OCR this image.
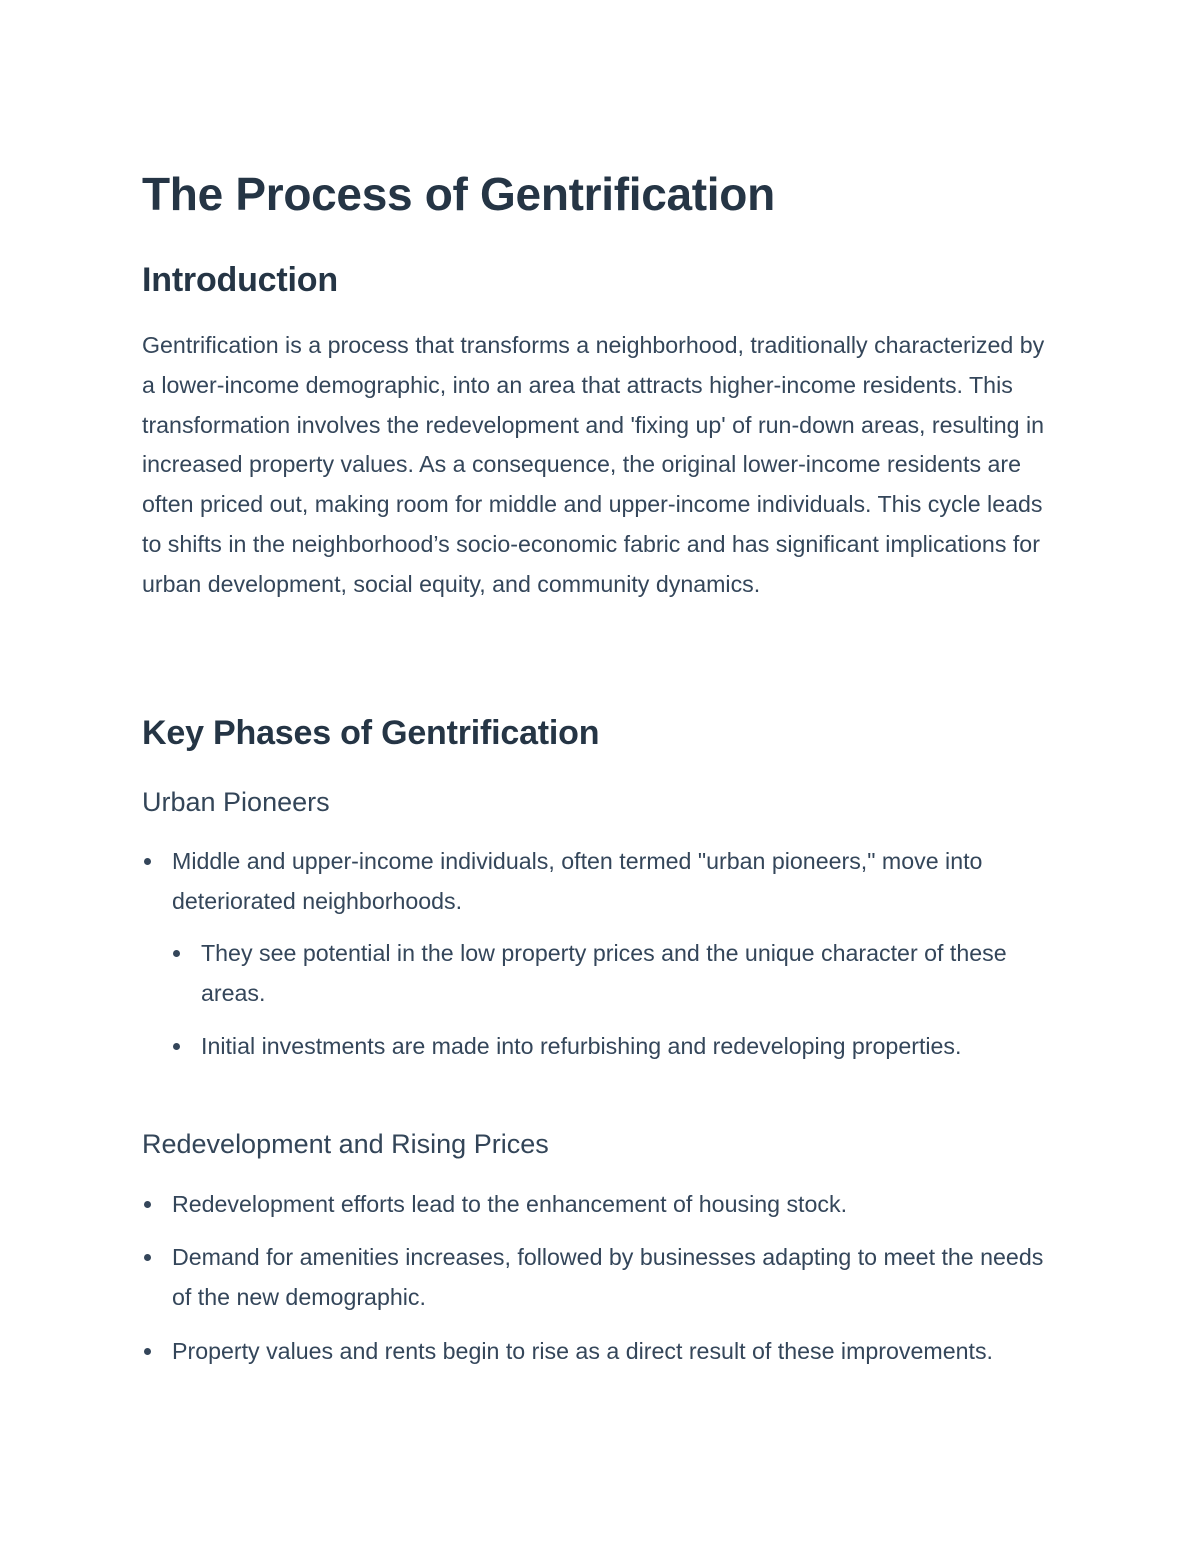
The Process of Gentrification
Introduction

Gentrification is a process that transforms a neighborhood, traditionally characterized by a lower-income demographic, into an area that attracts higher-income residents. This transformation involves the redevelopment and 'fixing up' of run-down areas, resulting in increased property values. As a consequence, the original lower-income residents are often priced out, making room for middle and upper-income individuals. This cycle leads to shifts in the neighborhood’s socio-economic fabric and has significant implications for urban development, social equity, and community dynamics.

Key Phases of Gentrification
Urban Pioneers

Middle and upper-income individuals, often termed "urban pioneers," move into deteriorated neighborhoods.

They see potential in the low property prices and the unique character of these areas.

Initial investments are made into refurbishing and redeveloping properties.

Redevelopment and Rising Prices

Redevelopment efforts lead to the enhancement of housing stock.

Demand for amenities increases, followed by businesses adapting to meet the needs of the new demographic.

Property values and rents begin to rise as a direct result of these improvements.
